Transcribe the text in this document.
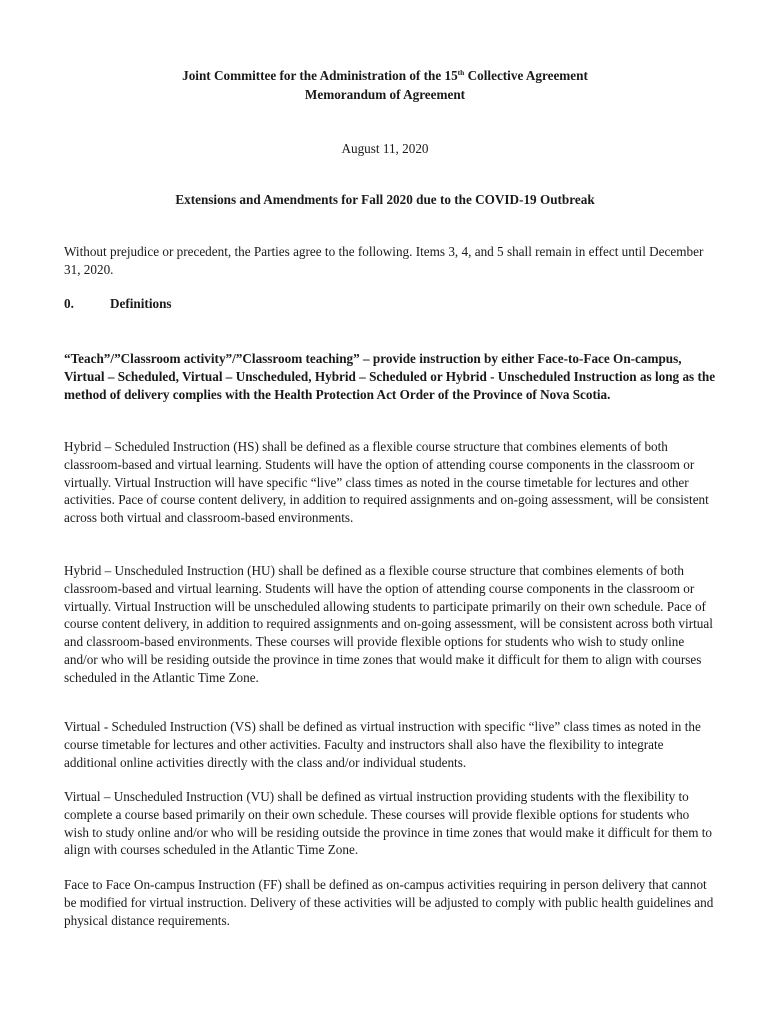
Joint Committee for the Administration of the 15th Collective Agreement
Memorandum of Agreement
August 11, 2020
Extensions and Amendments for Fall 2020 due to the COVID-19 Outbreak

Without prejudice or precedent, the Parties agree to the following. Items 3, 4, and 5 shall remain in effect until December 31, 2020.

0.	Definitions

“Teach”/”Classroom activity”/”Classroom teaching” – provide instruction by either Face-to-Face On-campus, Virtual – Scheduled, Virtual – Unscheduled, Hybrid – Scheduled or Hybrid - Unscheduled Instruction as long as the method of delivery complies with the Health Protection Act Order of the Province of Nova Scotia.

Hybrid – Scheduled Instruction (HS) shall be defined as a flexible course structure that combines elements of both classroom-based and virtual learning. Students will have the option of attending course components in the classroom or virtually. Virtual Instruction will have specific “live” class times as noted in the course timetable for lectures and other activities. Pace of course content delivery, in addition to required assignments and on-going assessment, will be consistent across both virtual and classroom-based environments.

Hybrid – Unscheduled Instruction (HU) shall be defined as a flexible course structure that combines elements of both classroom-based and virtual learning. Students will have the option of attending course components in the classroom or virtually. Virtual Instruction will be unscheduled allowing students to participate primarily on their own schedule. Pace of course content delivery, in addition to required assignments and on-going assessment, will be consistent across both virtual and classroom-based environments. These courses will provide flexible options for students who wish to study online and/or who will be residing outside the province in time zones that would make it difficult for them to align with courses scheduled in the Atlantic Time Zone.

Virtual - Scheduled Instruction (VS) shall be defined as virtual instruction with specific “live” class times as noted in the course timetable for lectures and other activities. Faculty and instructors shall also have the flexibility to integrate additional online activities directly with the class and/or individual students.

Virtual – Unscheduled Instruction (VU) shall be defined as virtual instruction providing students with the flexibility to complete a course based primarily on their own schedule. These courses will provide flexible options for students who wish to study online and/or who will be residing outside the province in time zones that would make it difficult for them to align with courses scheduled in the Atlantic Time Zone.

Face to Face On-campus Instruction (FF) shall be defined as on-campus activities requiring in person delivery that cannot be modified for virtual instruction. Delivery of these activities will be adjusted to comply with public health guidelines and physical distance requirements.
